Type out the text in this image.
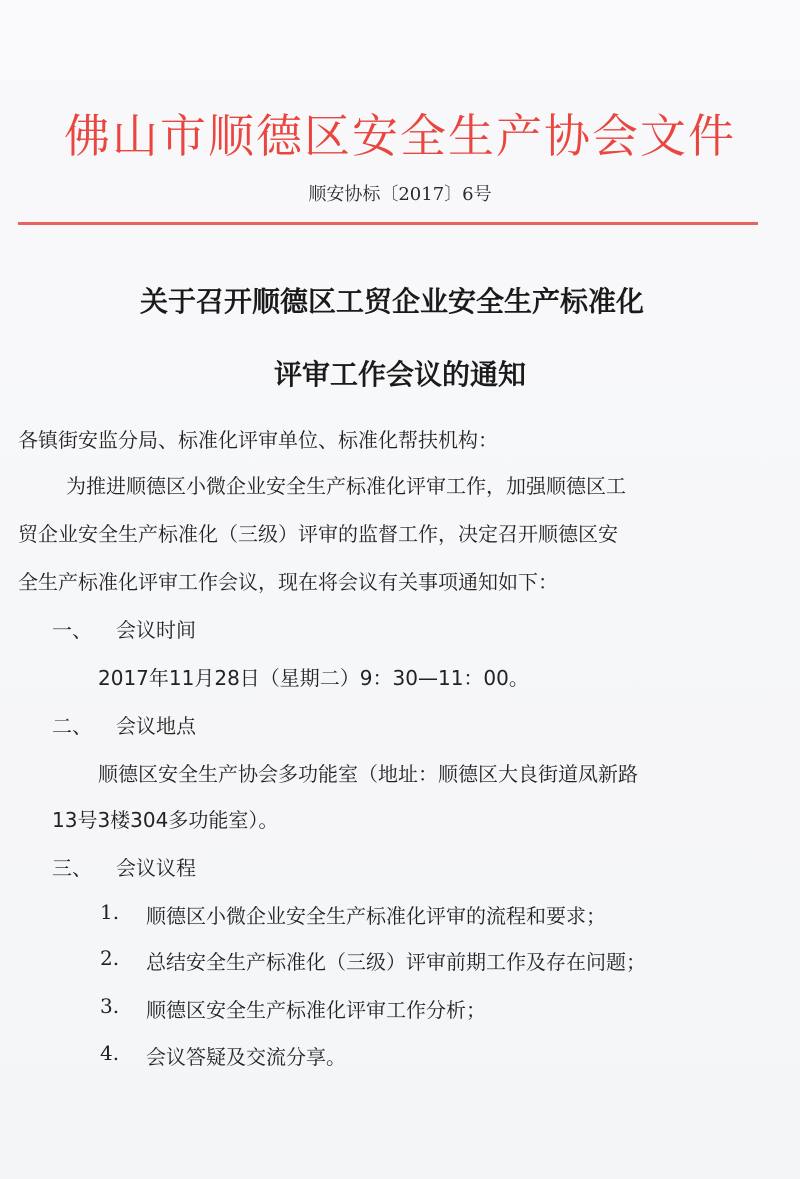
佛山市顺德区安全生产协会文件
顺安协标〔2017〕6号
关于召开顺德区工贸企业安全生产标准化
评审工作会议的通知
各镇街安监分局、标准化评审单位、标准化帮扶机构：
为推进顺德区小微企业安全生产标准化评审工作，加强顺德区工
贸企业安全生产标准化（三级）评审的监督工作，决定召开顺德区安
全生产标准化评审工作会议，现在将会议有关事项通知如下：
一、 会议时间
2017年11月28日（星期二）9：30—11：00。
二、 会议地点
顺德区安全生产协会多功能室（地址：顺德区大良街道凤新路
13号3楼304多功能室）。
三、 会议议程
1. 顺德区小微企业安全生产标准化评审的流程和要求；
2. 总结安全生产标准化（三级）评审前期工作及存在问题；
3. 顺德区安全生产标准化评审工作分析；
4. 会议答疑及交流分享。
